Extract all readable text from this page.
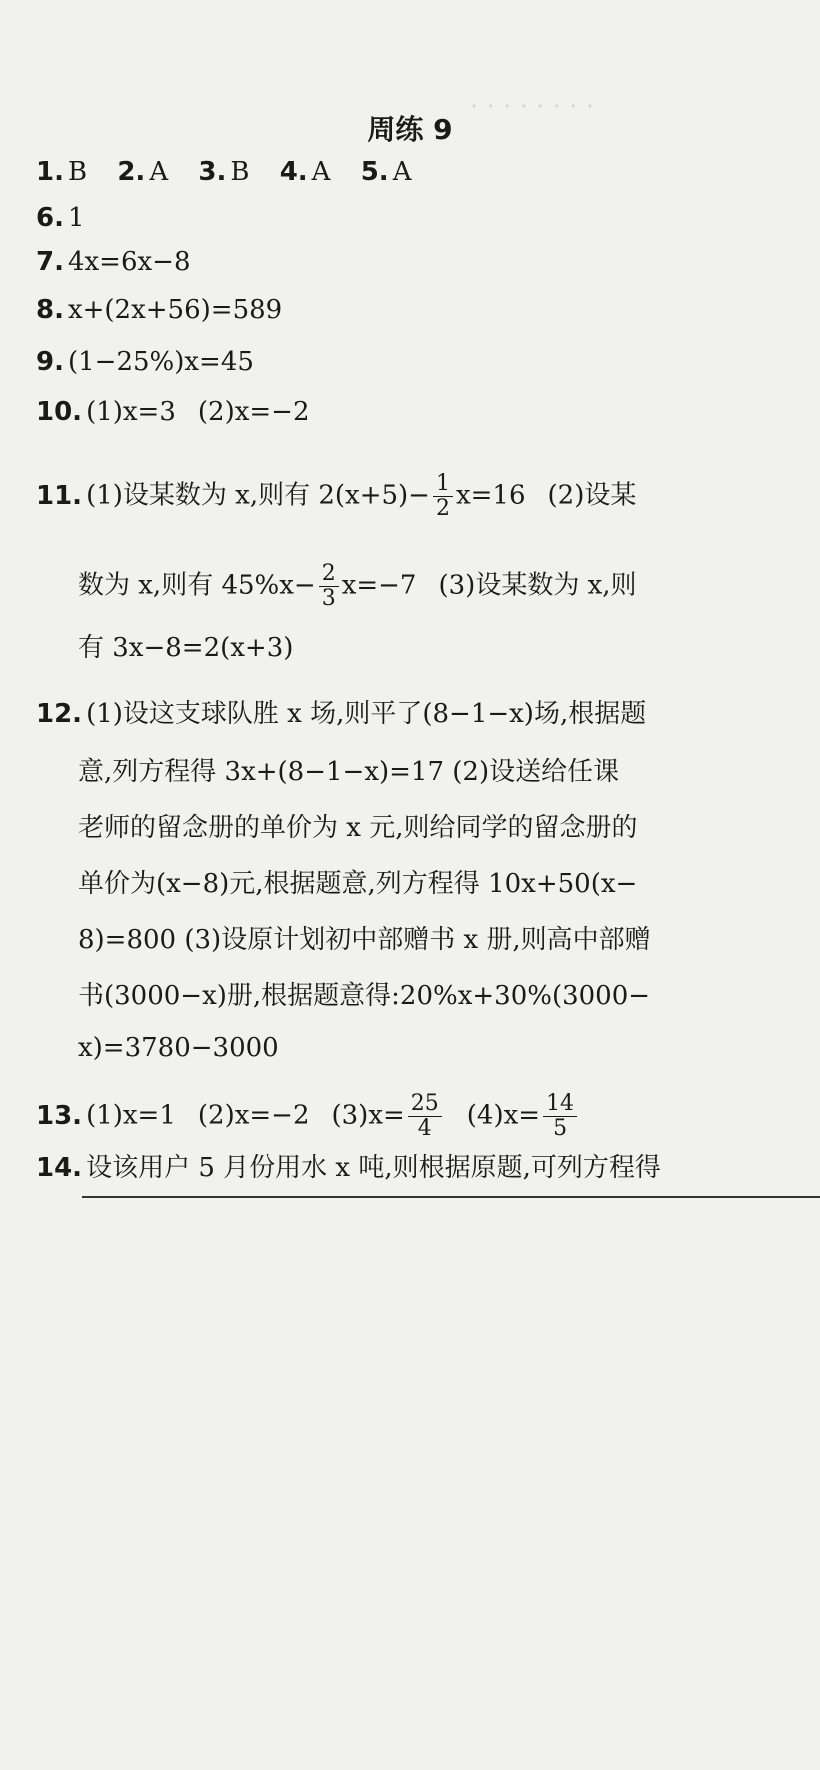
· · · · · · · ·
周练 9
1. B 2. A 3. B 4. A 5. A
6. 1
7. 4x=6x−8
8. x+(2x+56)=589
9. (1−25%)x=45
10. (1)x=3 (2)x=−2
11. (1)设某数为 x,则有 $2(x+5)- \frac{1}{2} x=16$ (2)设某
数为 x,则有 $45\%x- \frac{2}{3} x=-7$ (3)设某数为 x,则
有 3x−8=2(x+3)
12. (1)设这支球队胜 x 场,则平了(8−1−x)场,根据题
意,列方程得 3x+(8−1−x)=17 (2)设送给任课
老师的留念册的单价为 x 元,则给同学的留念册的
单价为(x−8)元,根据题意,列方程得 10x+50(x−
8)=800 (3)设原计划初中部赠书 x 册,则高中部赠
书(3000−x)册,根据题意得:20%x+30%(3000−
x)=3780−3000
13. (1)x=1 (2)x=−2 $(3)x= \frac{25}{4} (4)x= \frac{14}{5}$
14. 设该用户 5 月份用水 x 吨,则根据原题,可列方程得
